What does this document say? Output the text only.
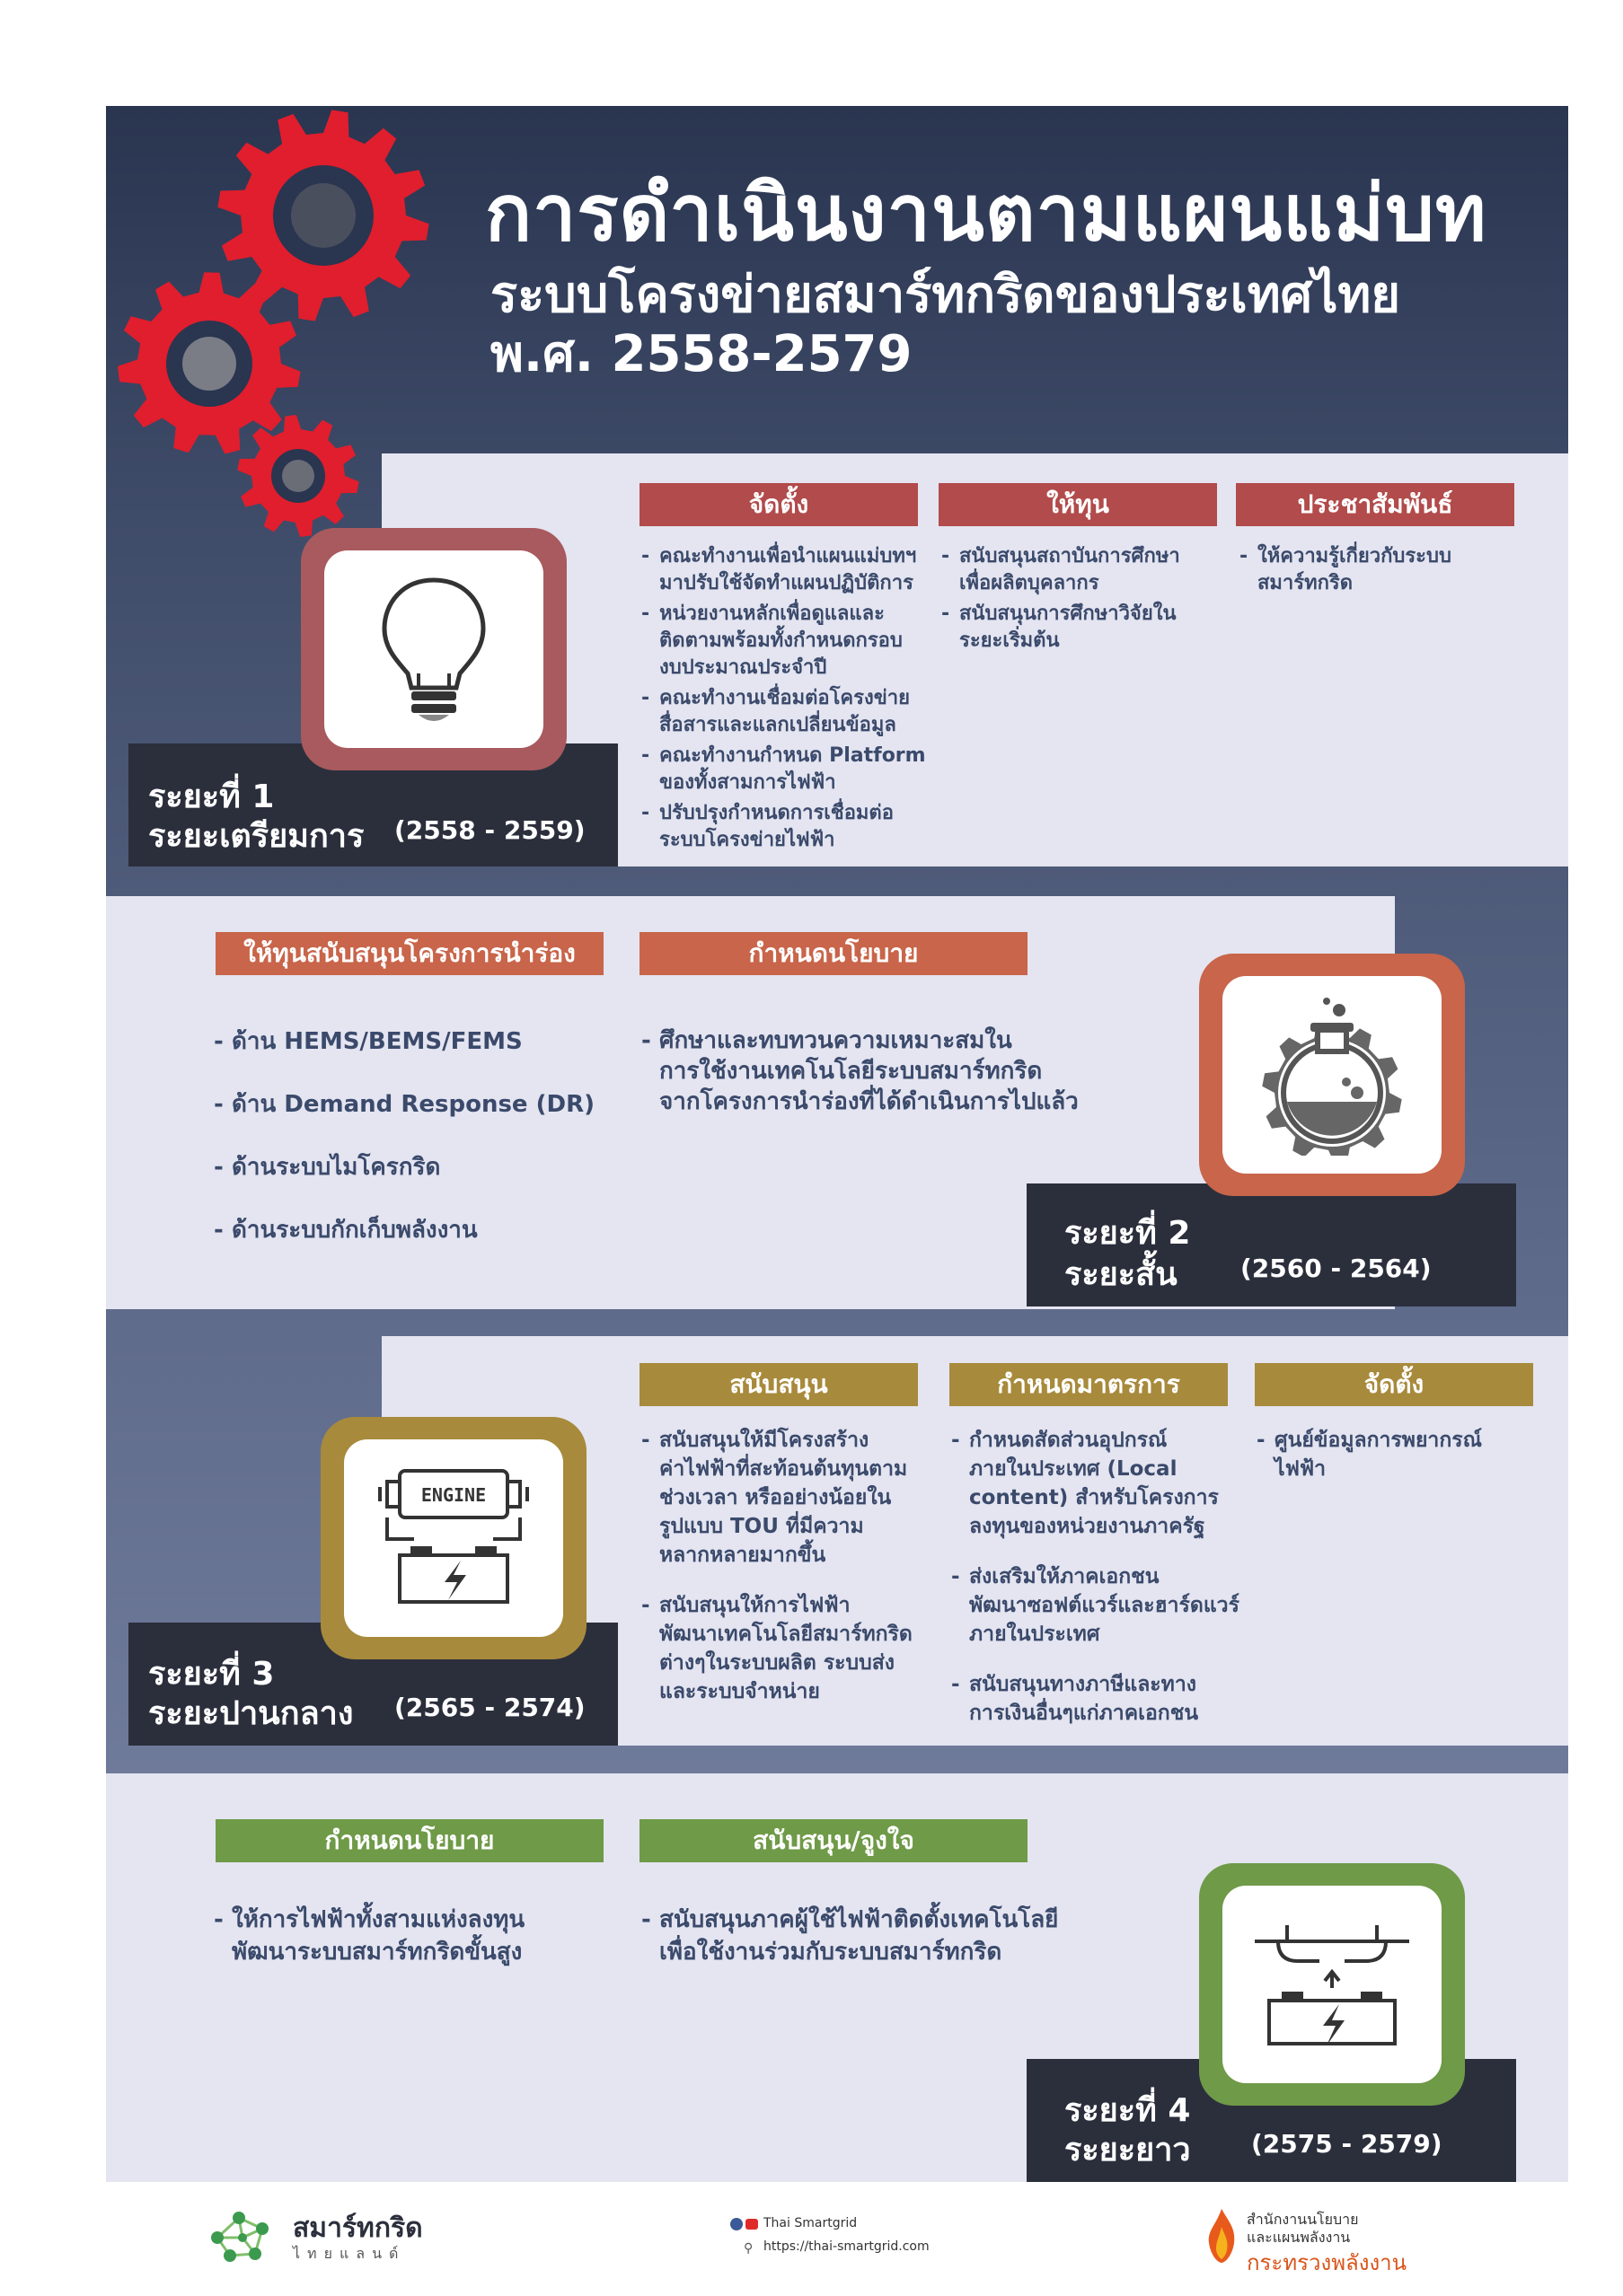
การดำเนินงานตามแผนแม่บท
ระบบโครงข่ายสมาร์ทกริดของประเทศไทย
พ.ศ. 2558-2579
ระยะที่ 1
ระยะเตรียมการ (2558 - 2559)
จัดตั้ง	ให้ทุน	ประชาสัมพันธ์
- คณะทำงานเพื่อนำแผนแม่บทฯ
มาปรับใช้จัดทำแผนปฏิบัติการ
- หน่วยงานหลักเพื่อดูแลและ
ติดตามพร้อมทั้งกำหนดกรอบ
งบประมาณประจำปี
- คณะทำงานเชื่อมต่อโครงข่าย
สื่อสารและแลกเปลี่ยนข้อมูล
- คณะทำงานกำหนด Platform
ของทั้งสามการไฟฟ้า
- ปรับปรุงกำหนดการเชื่อมต่อ
ระบบโครงข่ายไฟฟ้า
- สนับสนุนสถาบันการศึกษา
เพื่อผลิตบุคลากร
- สนับสนุนการศึกษาวิจัยใน
ระยะเริ่มต้น
- ให้ความรู้เกี่ยวกับระบบ
สมาร์ทกริด
ระยะที่ 2
ระยะสั้น	(2560 - 2564)
ให้ทุนสนับสนุนโครงการนำร่อง	กำหนดนโยบาย
- ด้าน HEMS/BEMS/FEMS
- ด้าน Demand Response (DR)
- ด้านระบบไมโครกริด
- ด้านระบบกักเก็บพลังงาน
- ศึกษาและทบทวนความเหมาะสมใน
การใช้งานเทคโนโลยีระบบสมาร์ทกริด
จากโครงการนำร่องที่ได้ดำเนินการไปแล้ว
ระยะที่ 3
ระยะปานกลาง (2565 - 2574)
ENGINE
สนับสนุน	กำหนดมาตรการ	จัดตั้ง
- สนับสนุนให้มีโครงสร้าง
ค่าไฟฟ้าที่สะท้อนต้นทุนตาม
ช่วงเวลา หรืออย่างน้อยใน
รูปแบบ TOU ที่มีความ
หลากหลายมากขึ้น
- สนับสนุนให้การไฟฟ้า
พัฒนาเทคโนโลยีสมาร์ทกริด
ต่างๆในระบบผลิต ระบบส่ง
และระบบจำหน่าย
- กำหนดสัดส่วนอุปกรณ์
ภายในประเทศ (Local
content) สำหรับโครงการ
ลงทุนของหน่วยงานภาครัฐ
- ส่งเสริมให้ภาคเอกชน
พัฒนาซอฟต์แวร์และฮาร์ดแวร์
ภายในประเทศ
- สนับสนุนทางภาษีและทาง
การเงินอื่นๆแก่ภาคเอกชน
- ศูนย์ข้อมูลการพยากรณ์
ไฟฟ้า
ระยะที่ 4
ระยะยาว (2575 - 2579)
กำหนดนโยบาย	สนับสนุน/จูงใจ
- ให้การไฟฟ้าทั้งสามแห่งลงทุน
พัฒนาระบบสมาร์ทกริดขั้นสูง
- สนับสนุนภาคผู้ใช้ไฟฟ้าติดตั้งเทคโนโลยี
เพื่อใช้งานร่วมกับระบบสมาร์ทกริด
สมาร์ทกริด
ไทยแลนด์
Thai Smartgrid
⚲ https://thai-smartgrid.com
สำนักงานนโยบาย
และแผนพลังงาน
กระทรวงพลังงาน
